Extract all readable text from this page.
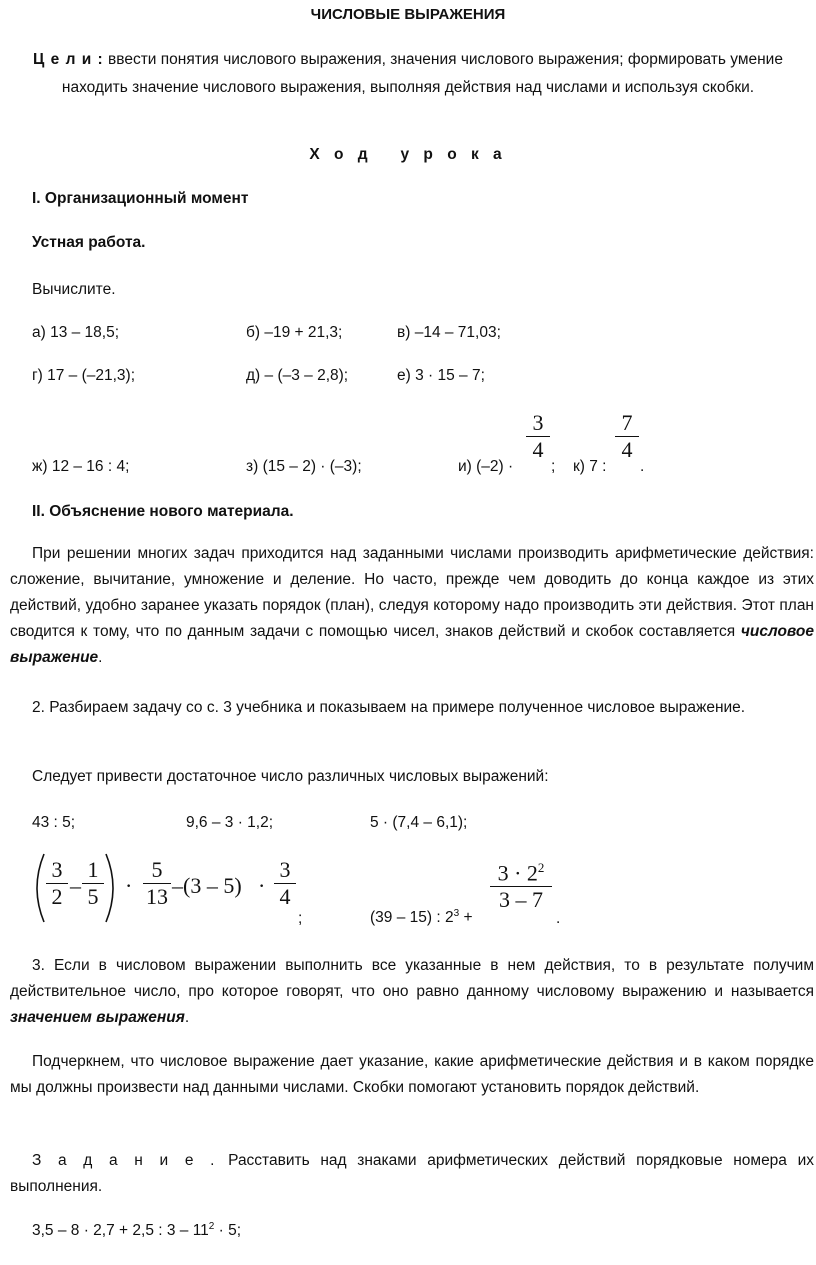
ЧИСЛОВЫЕ ВЫРАЖЕНИЯ
Ц е л и : ввести понятия числового выражения, значения числового выражения; формировать умение находить значение числового выражения, выполняя действия над числами и используя скобки.
Х о д   у р о к а
I. Организационный момент
Устная работа.
Вычислите.
а) 13 – 18,5;	б) –19 + 21,3;	в) –14 – 71,03;
г) 17 – (–21,3);	д) – (–3 – 2,8);	е) 3 · 15 – 7;
ж) 12 – 16 : 4;	з) (15 – 2) · (–3);	и) (–2) ·
3
4
; к) 7 :
7
4
.
II. Объяснение нового материала.
При решении многих задач приходится над заданными числами производить арифметические действия: сложение, вычитание, умножение и деление. Но часто, прежде чем доводить до конца каждое из этих действий, удобно заранее указать порядок (план), следуя которому надо производить эти действия. Этот план сводится к тому, что по данным задачи с помощью чисел, знаков действий и скобок составляется числовое выражение.
2. Разбираем задачу со с. 3 учебника и показываем на примере полученное числовое выражение.
Следует привести достаточное число различных числовых выражений:
43 : 5;	9,6 – 3 · 1,2;	5 · (7,4 – 6,1);
3
2 –
1
5 ·
5
13 –(3 – 5) ·
3
4
;	(39 – 15) : $2^3$ +
$3 \cdot 2^2$
3 – 7
.
3. Если в числовом выражении выполнить все указанные в нем действия, то в результате получим действительное число, про которое говорят, что оно равно данному числовому выражению и называется значением выражения.
Подчеркнем, что числовое выражение дает указание, какие арифметические действия и в каком порядке мы должны произвести над данными числами. Скобки помогают установить порядок действий.
З а д а н и е . Расставить над знаками арифметических действий порядковые номера их выполнения.
3,5 – 8 · 2,7 + 2,5 : $3 - 11^2 \cdot 5$;
